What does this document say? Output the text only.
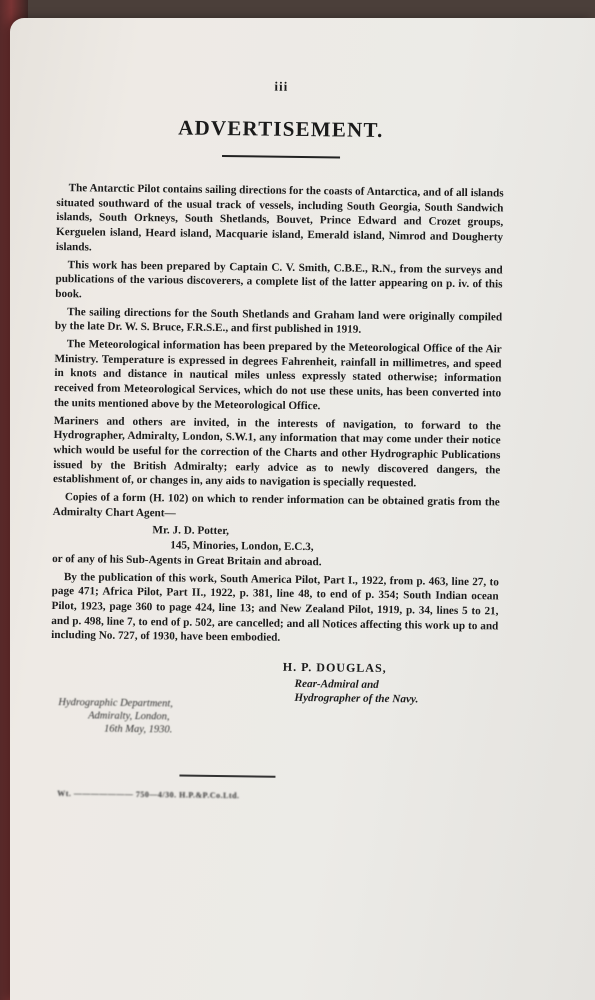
iii
ADVERTISEMENT.

The Antarctic Pilot contains sailing directions for the coasts of Antarctica, and of all islands situated southward of the usual track of vessels, including South Georgia, South Sandwich islands, South Orkneys, South Shetlands, Bouvet, Prince Edward and Crozet groups, Kerguelen island, Heard island, Macquarie island, Emerald island, Nimrod and Dougherty islands.

This work has been prepared by Captain C. V. Smith, C.B.E., R.N., from the surveys and publications of the various discoverers, a complete list of the latter appearing on p. iv. of this book.

The sailing directions for the South Shetlands and Graham land were originally compiled by the late Dr. W. S. Bruce, F.R.S.E., and first published in 1919.

The Meteorological information has been prepared by the Meteorological Office of the Air Ministry. Temperature is expressed in degrees Fahrenheit, rainfall in millimetres, and speed in knots and distance in nautical miles unless expressly stated otherwise; information received from Meteorological Services, which do not use these units, has been converted into the units mentioned above by the Meteorological Office.

Mariners and others are invited, in the interests of navigation, to forward to the Hydrographer, Admiralty, London, S.W.1, any information that may come under their notice which would be useful for the correction of the Charts and other Hydrographic Publications issued by the British Admiralty; early advice as to newly discovered dangers, the establishment of, or changes in, any aids to navigation is specially requested.

Copies of a form (H. 102) on which to render information can be obtained gratis from the Admiralty Chart Agent—

Mr. J. D. Potter,

145, Minories, London, E.C.3,

or of any of his Sub-Agents in Great Britain and abroad.

By the publication of this work, South America Pilot, Part I., 1922, from p. 463, line 27, to page 471; Africa Pilot, Part II., 1922, p. 381, line 48, to end of p. 354; South Indian ocean Pilot, 1923, page 360 to page 424, line 13; and New Zealand Pilot, 1919, p. 34, lines 5 to 21, and p. 498, line 7, to end of p. 502, are cancelled; and all Notices affecting this work up to and including No. 727, of 1930, have been embodied.

H. P. DOUGLAS,

Rear-Admiral and

Hydrographer of the Navy.

Hydrographic Department,
Admiralty, London,
16th May, 1930.
Wt. ——————— 750—4/30. H.P.&P.Co.Ltd.
